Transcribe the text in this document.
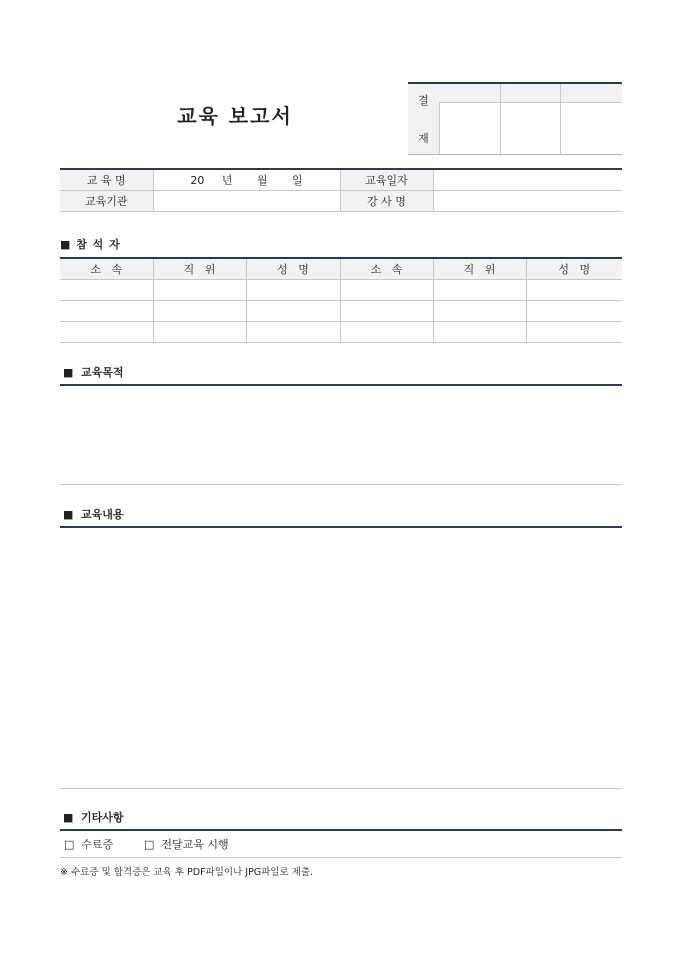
교육 보고서
결
재
교 육 명	20     년       월       일	교육일자	
교육기관		강 사 명	
■ 참 석 자
소   속	직   위	성   명	소   속	직   위	성   명

■  교육목적
■  교육내용
■  기타사항
□  수료증	□  전달교육 시행
※ 수료증 및 합격증은 교육 후 PDF파일이나 JPG파일로 제출.
